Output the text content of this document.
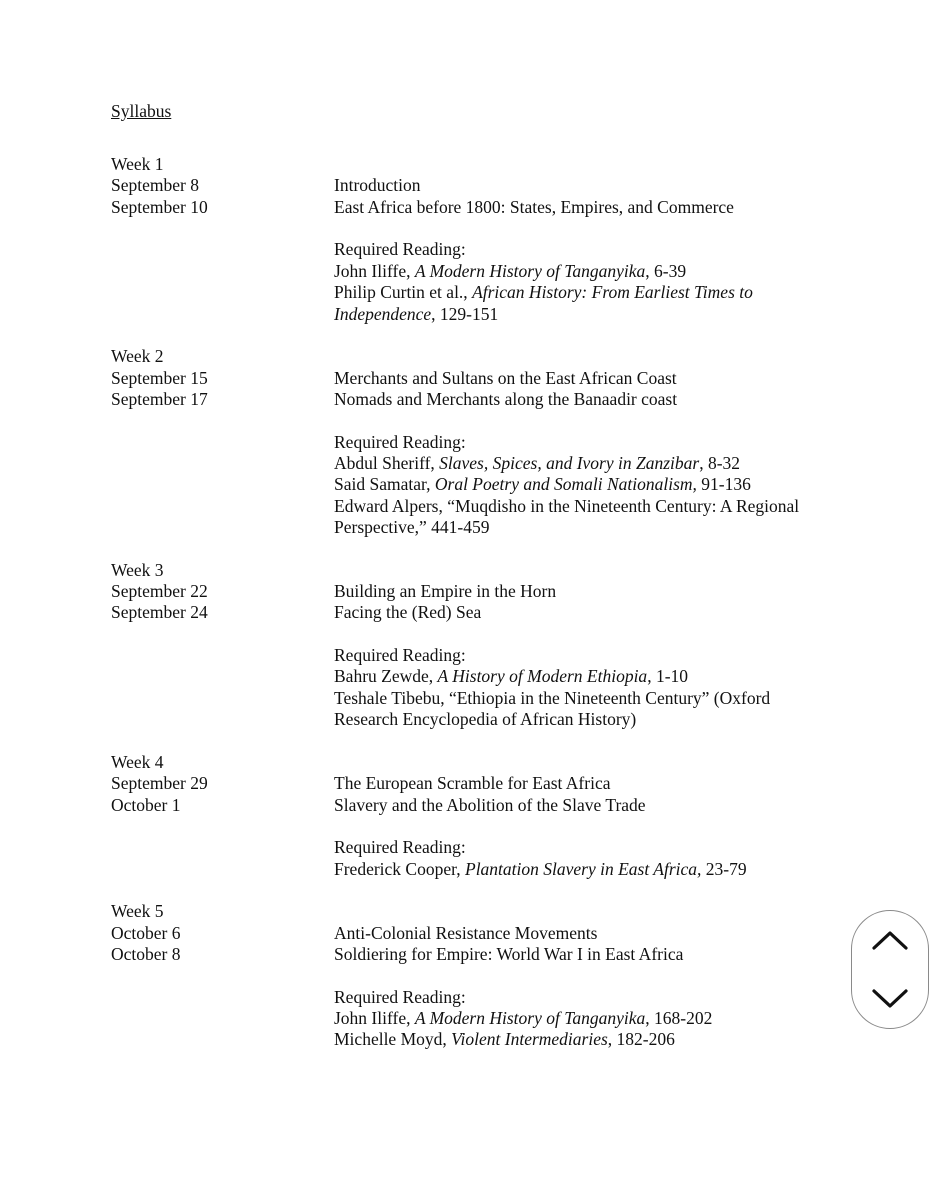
Syllabus
Week 1
September 8	Introduction
September 10	East Africa before 1800: States, Empires, and Commerce
Required Reading:
John Iliffe, A Modern History of Tanganyika, 6-39
Philip Curtin et al., African History: From Earliest Times to
Independence, 129-151
Week 2
September 15	Merchants and Sultans on the East African Coast
September 17	Nomads and Merchants along the Banaadir coast
Required Reading:
Abdul Sheriff, Slaves, Spices, and Ivory in Zanzibar, 8-32
Said Samatar, Oral Poetry and Somali Nationalism, 91-136
Edward Alpers, “Muqdisho in the Nineteenth Century: A Regional
Perspective,” 441-459
Week 3
September 22	Building an Empire in the Horn
September 24	Facing the (Red) Sea
Required Reading:
Bahru Zewde, A History of Modern Ethiopia, 1-10
Teshale Tibebu, “Ethiopia in the Nineteenth Century” (Oxford
Research Encyclopedia of African History)
Week 4
September 29	The European Scramble for East Africa
October 1	Slavery and the Abolition of the Slave Trade
Required Reading:
Frederick Cooper, Plantation Slavery in East Africa, 23-79
Week 5
October 6	Anti-Colonial Resistance Movements
October 8	Soldiering for Empire: World War I in East Africa
Required Reading:
John Iliffe, A Modern History of Tanganyika, 168-202
Michelle Moyd, Violent Intermediaries, 182-206
